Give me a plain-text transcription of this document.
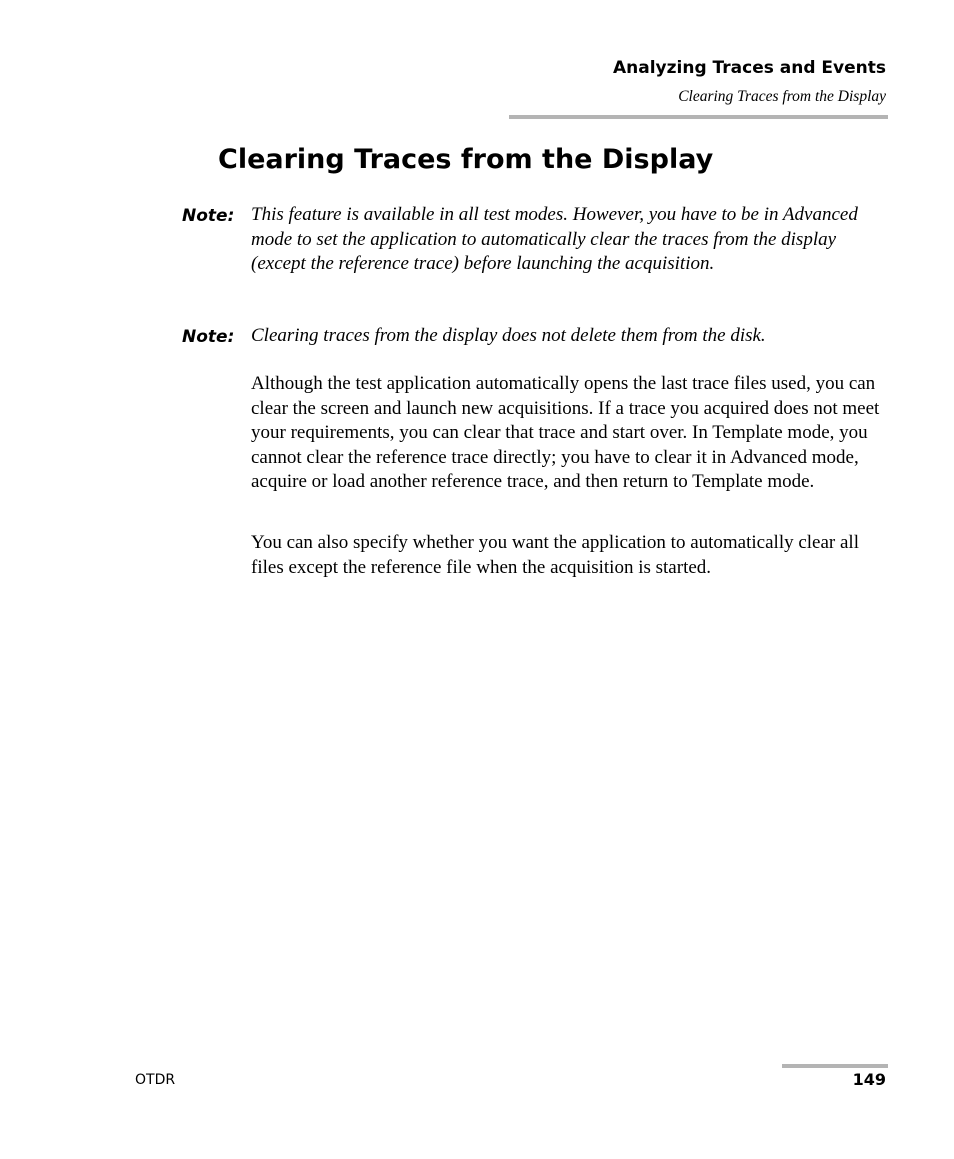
Analyzing Traces and Events
Clearing Traces from the Display
Clearing Traces from the Display
Note: This feature is available in all test modes. However, you have to be in Advanced mode to set the application to automatically clear the traces from the display (except the reference trace) before launching the acquisition.
Note: Clearing traces from the display does not delete them from the disk.

Although the test application automatically opens the last trace files used, you can clear the screen and launch new acquisitions. If a trace you acquired does not meet your requirements, you can clear that trace and start over. In Template mode, you cannot clear the reference trace directly; you have to clear it in Advanced mode, acquire or load another reference trace, and then return to Template mode.

You can also specify whether you want the application to automatically clear all files except the reference file when the acquisition is started.

OTDR	149
